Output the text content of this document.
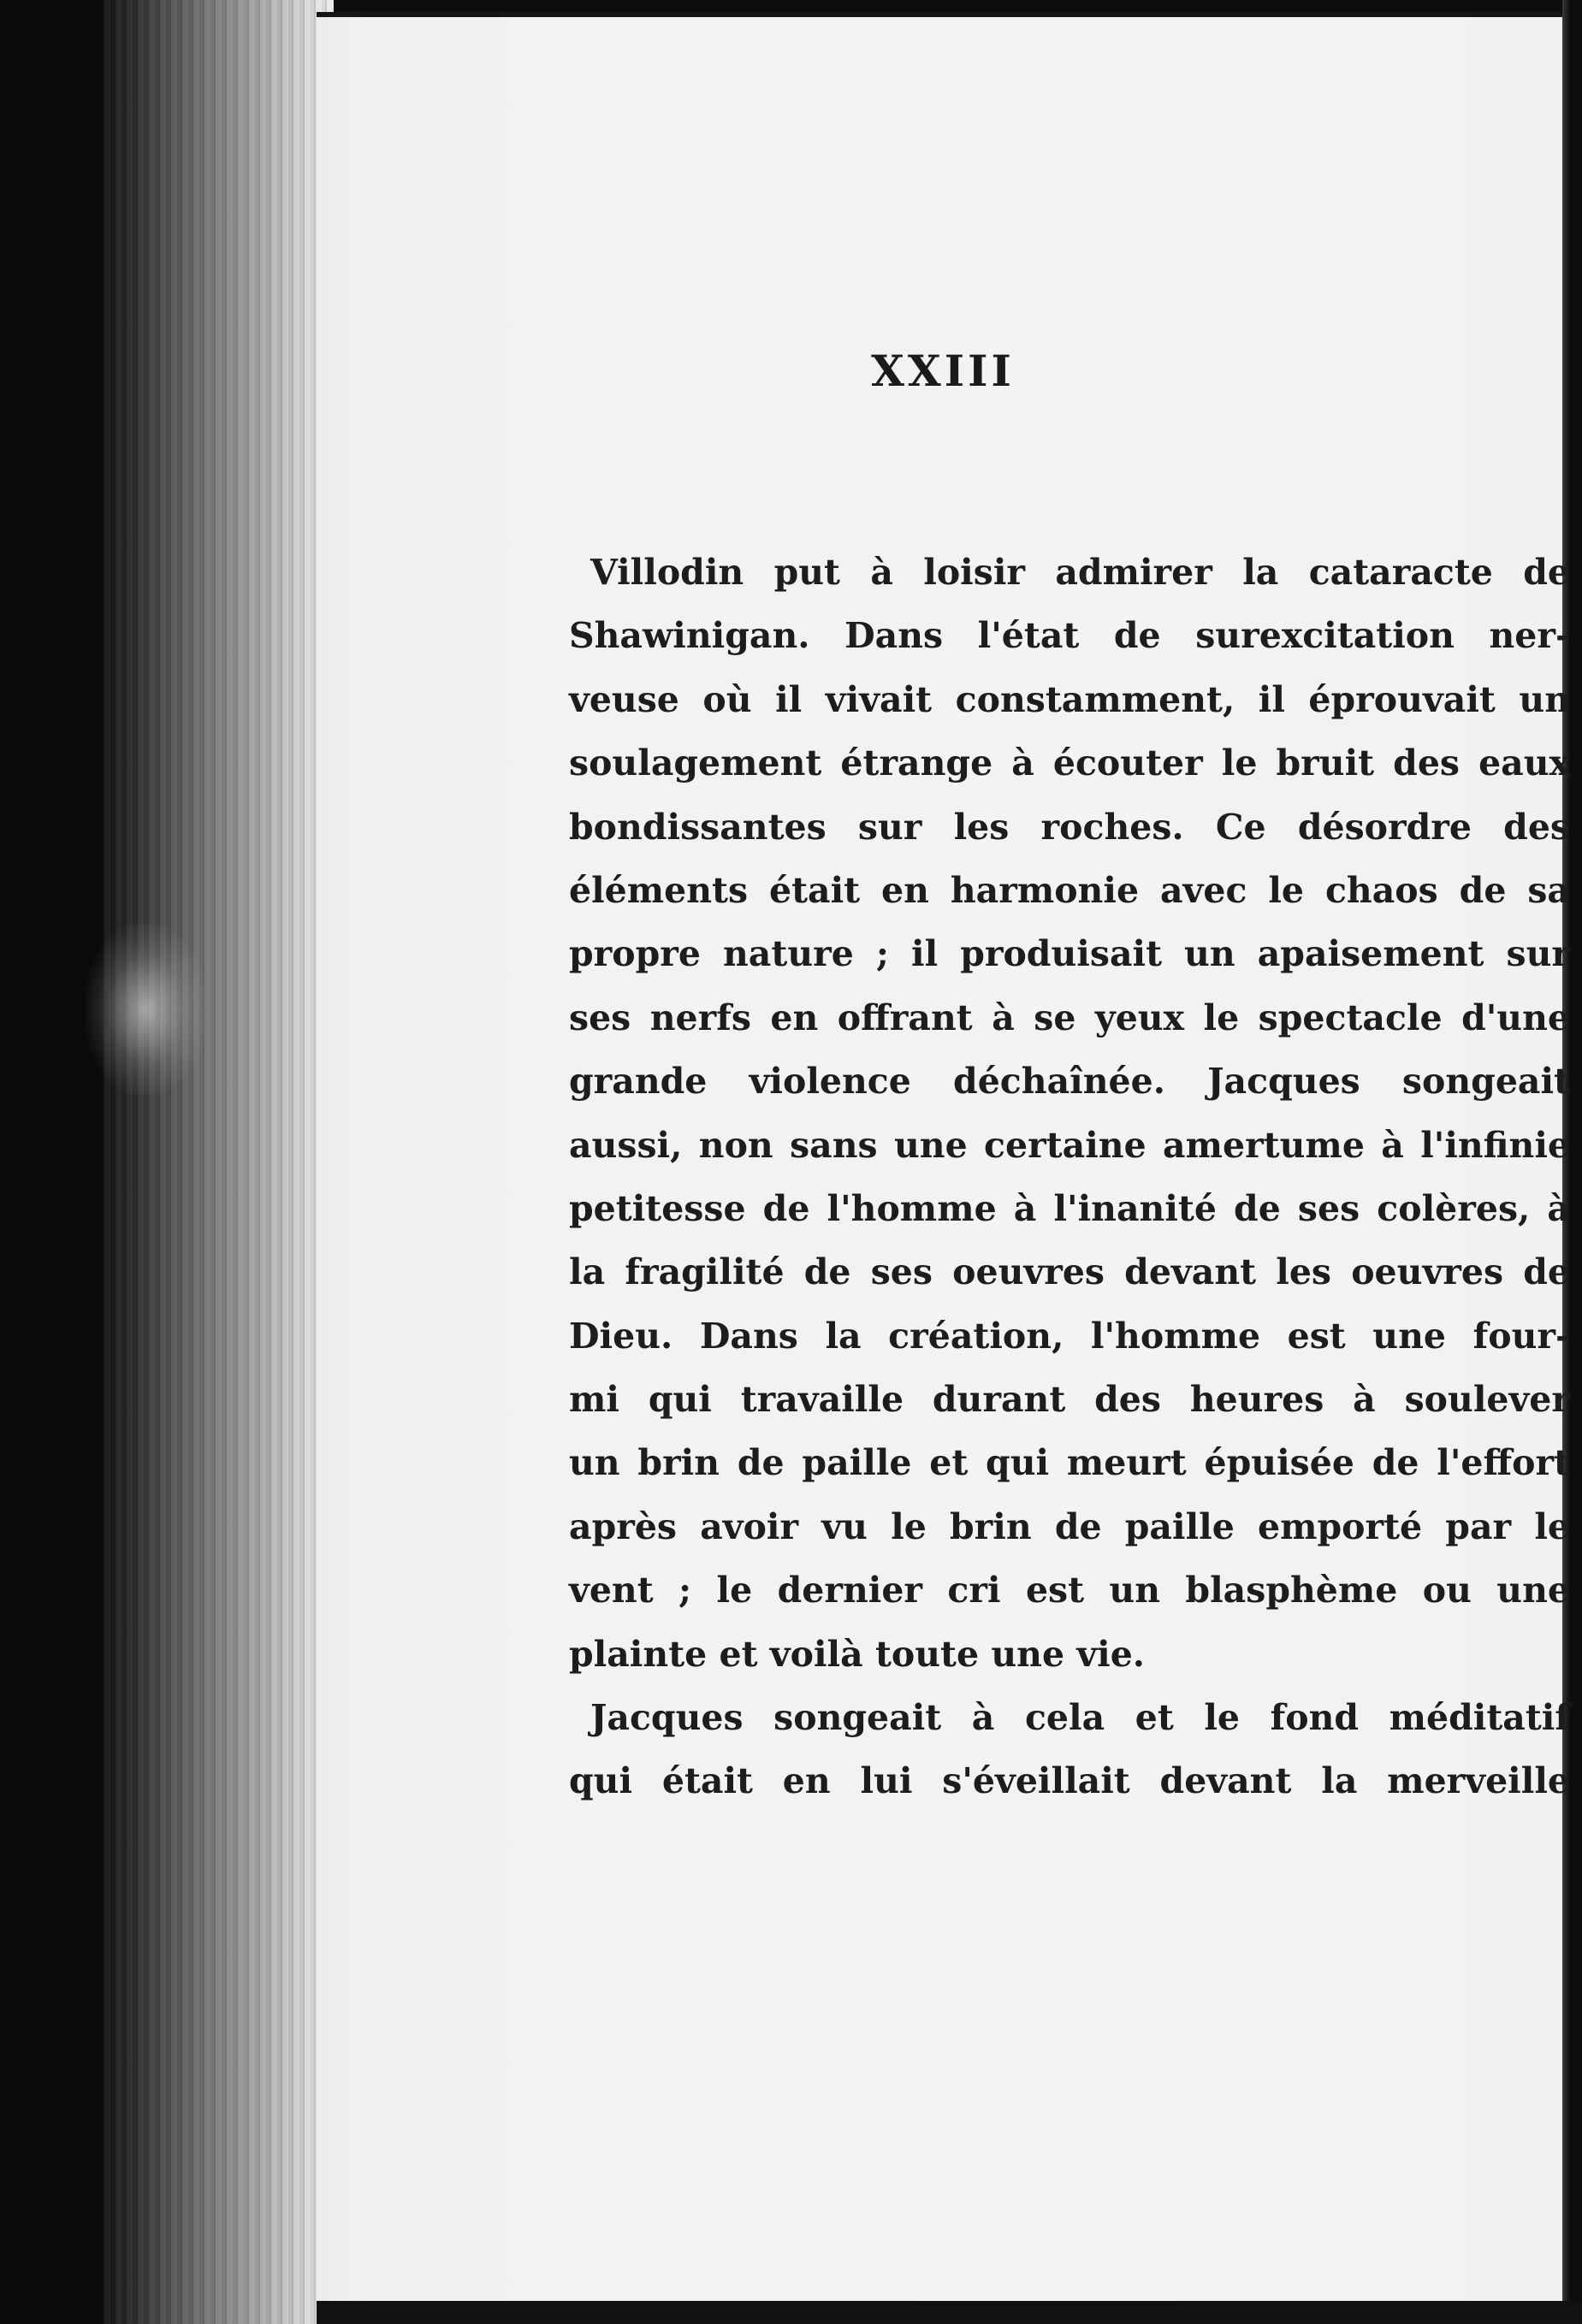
XXIII
Villodin put à loisir admirer la cataracte de
Shawinigan. Dans l'état de surexcitation ner-
veuse où il vivait constamment, il éprouvait un
soulagement étrange à écouter le bruit des eaux
bondissantes sur les roches. Ce désordre des
éléments était en harmonie avec le chaos de sa
propre nature ; il produisait un apaisement sur
ses nerfs en offrant à se yeux le spectacle d'une
grande violence déchaînée. Jacques songeait
aussi, non sans une certaine amertume à l'infinie
petitesse de l'homme à l'inanité de ses colères, à
la fragilité de ses oeuvres devant les oeuvres de
Dieu. Dans la création, l'homme est une four-
mi qui travaille durant des heures à soulever
un brin de paille et qui meurt épuisée de l'effort
après avoir vu le brin de paille emporté par le
vent ; le dernier cri est un blasphème ou une
plainte et voilà toute une vie.
Jacques songeait à cela et le fond méditatif
qui était en lui s'éveillait devant la merveille
